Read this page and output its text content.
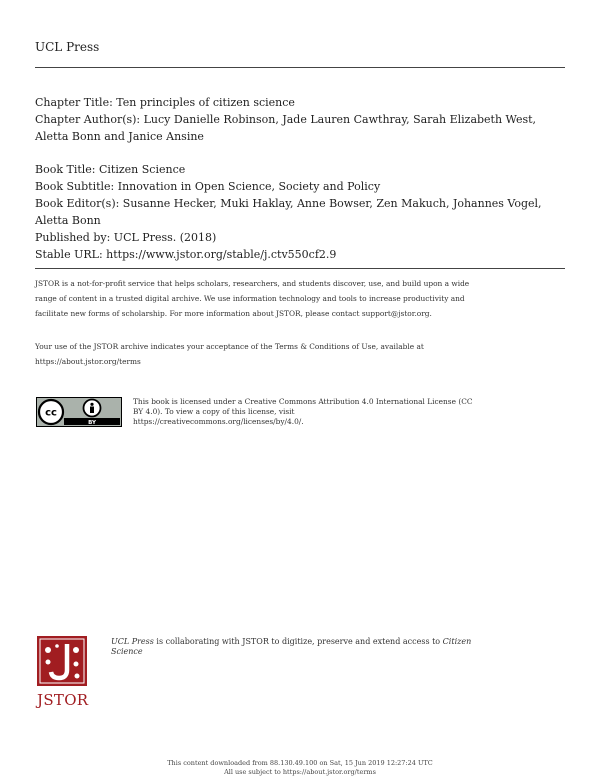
UCL Press
Chapter Title: Ten principles of citizen science
Chapter Author(s): Lucy Danielle Robinson, Jade Lauren Cawthray, Sarah Elizabeth West,
Aletta Bonn and Janice Ansine
Book Title: Citizen Science
Book Subtitle: Innovation in Open Science, Society and Policy
Book Editor(s): Susanne Hecker, Muki Haklay, Anne Bowser, Zen Makuch, Johannes Vogel,
Aletta Bonn
Published by: UCL Press. (2018)
Stable URL: https://www.jstor.org/stable/j.ctv550cf2.9
JSTOR is a not-for-profit service that helps scholars, researchers, and students discover, use, and build upon a wide
range of content in a trusted digital archive. We use information technology and tools to increase productivity and
facilitate new forms of scholarship. For more information about JSTOR, please contact support@jstor.org.
Your use of the JSTOR archive indicates your acceptance of the Terms & Conditions of Use, available at
https://about.jstor.org/terms
cc
BY
This book is licensed under a Creative Commons Attribution 4.0 International License (CC
BY 4.0). To view a copy of this license, visit
https://creativecommons.org/licenses/by/4.0/.
JSTOR
UCL Press is collaborating with JSTOR to digitize, preserve and extend access to Citizen
Science
This content downloaded from 88.130.49.100 on Sat, 15 Jun 2019 12:27:24 UTC
All use subject to https://about.jstor.org/terms
